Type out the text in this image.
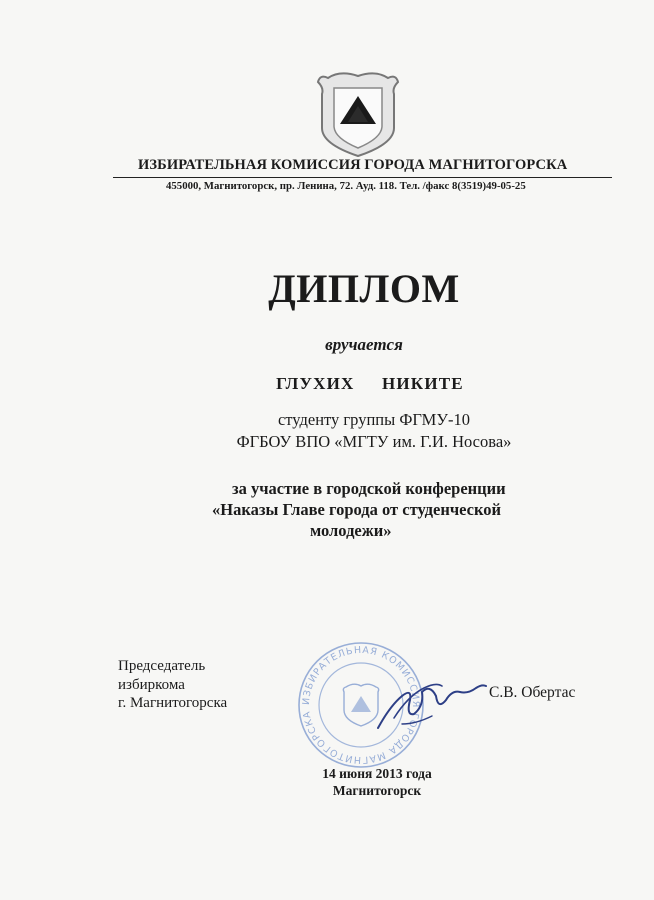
ИЗБИРАТЕЛЬНАЯ КОМИССИЯ ГОРОДА МАГНИТОГОРСКА
455000, Магнитогорск, пр. Ленина, 72. Ауд. 118. Тел. /факс 8(3519)49-05-25
ДИПЛОМ
вручается
ГЛУХИХ НИКИТЕ
студенту группы ФГМУ-10
ФГБОУ ВПО «МГТУ им. Г.И. Носова»
за участие в городской конференции
«Наказы Главе города от студенческой
молодежи»
Председатель
избиркома
г. Магнитогорска	ИЗБИРАТЕЛЬНАЯ КОМИССИЯ ГОРОДА МАГНИТОГОРСКА
С.В. Обертас
14 июня 2013 года
Магнитогорск
